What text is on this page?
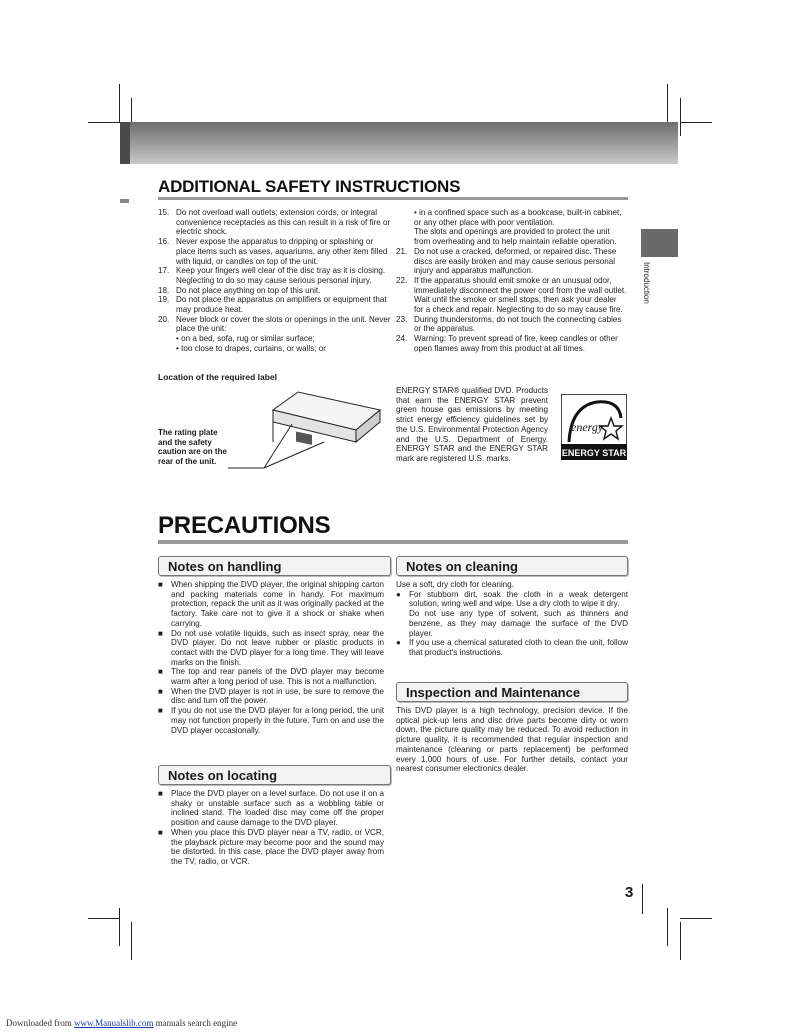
Introduction
ADDITIONAL SAFETY INSTRUCTIONS
15. Do not overload wall outlets; extension cords, or integral convenience receptacles as this can result in a risk of fire or electric shock.
16. Never expose the apparatus to dripping or splashing or place items such as vases, aquariums, any other item filled with liquid, or candles on top of the unit.
17. Keep your fingers well clear of the disc tray as it is closing. Neglecting to do so may cause serious personal injury.
18. Do not place anything on top of this unit.
19. Do not place the apparatus on amplifiers or equipment that may produce heat.
20. Never block or cover the slots or openings in the unit. Never place the unit:

• on a bed, sofa, rug or similar surface;

• too close to drapes, curtains, or walls; or

• in a confined space such as a bookcase, built-in cabinet, or any other place with poor ventilation.

The slots and openings are provided to protect the unit from overheating and to help maintain reliable operation.

21. Do not use a cracked, deformed, or repaired disc. These discs are easily broken and may cause serious personal injury and apparatus malfunction.
22. If the apparatus should emit smoke or an unusual odor, immediately disconnect the power cord from the wall outlet. Wait until the smoke or smell stops, then ask your dealer for a check and repair. Neglecting to do so may cause fire.
23. During thunderstorms, do not touch the connecting cables or the apparatus.
24. Warning: To prevent spread of fire, keep candles or other open flames away from this product at all times.
Location of the required label
The rating plate and the safety caution are on the rear of the unit.
ENERGY STAR® qualified DVD. Products that earn the ENERGY STAR prevent green house gas emissions by meeting strict energy efficiency guidelines set by the U.S. Environmental Protection Agency and the U.S. Department of Energy. ENERGY STAR and the ENERGY STAR mark are registered U.S. marks.
energy
ENERGY STAR
PRECAUTIONS
Notes on handling
■ When shipping the DVD player, the original shipping carton and packing materials come in handy. For maximum protection, repack the unit as it was originally packed at the factory. Take care not to give it a shock or shake when carrying.
■ Do not use volatile liquids, such as insect spray, near the DVD player. Do not leave rubber or plastic products in contact with the DVD player for a long time. They will leave marks on the finish.
■ The top and rear panels of the DVD player may become warm after a long period of use. This is not a malfunction.
■ When the DVD player is not in use, be sure to remove the disc and turn off the power.
■ If you do not use the DVD player for a long period, the unit may not function properly in the future. Turn on and use the DVD player occasionally.
Notes on locating
■ Place the DVD player on a level surface. Do not use it on a shaky or unstable surface such as a wobbling table or inclined stand. The loaded disc may come off the proper position and cause damage to the DVD player.
■ When you place this DVD player near a TV, radio, or VCR, the playback picture may become poor and the sound may be distorted. In this case, place the DVD player away from the TV, radio, or VCR.
Notes on cleaning

Use a soft, dry cloth for cleaning.

● For stubborn dirt, soak the cloth in a weak detergent solution, wring well and wipe. Use a dry cloth to wipe it dry.

Do not use any type of solvent, such as thinners and benzene, as they may damage the surface of the DVD player.

● If you use a chemical saturated cloth to clean the unit, follow that product's instructions.
Inspection and Maintenance
This DVD player is a high technology, precision device. If the optical pick-up lens and disc drive parts become dirty or worn down, the picture quality may be reduced. To avoid reduction in picture quality, it is recommended that regular inspection and maintenance (cleaning or parts replacement) be performed every 1,000 hours of use. For further details, contact your nearest consumer electronics dealer.
3
Downloaded from www.Manualslib.com manuals search engine
